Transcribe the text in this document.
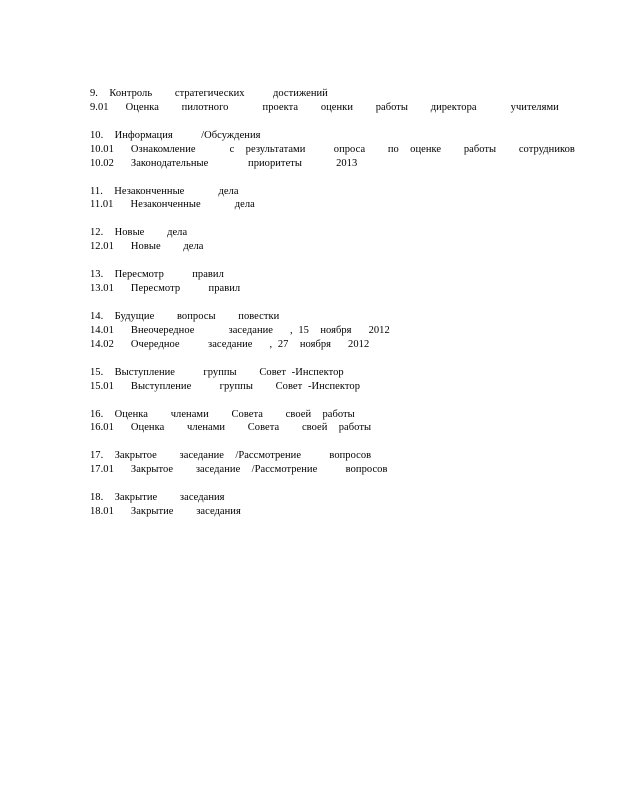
9.  Контроль    стратегических     достижений
9.01   Оценка    пилотного      проекта    оценки    работы    директора      учителями
10.  Информация     /Обсуждения
10.01   Ознакомление      с  результатами     опроса    по  оценке    работы    сотрудников
10.02   Законодательные       приоритеты      2013
11.  Незаконченные      дела
11.01   Незаконченные      дела
12.  Новые    дела
12.01   Новые    дела
13.  Пересмотр     правил
13.01   Пересмотр     правил
14.  Будущие    вопросы    повестки
14.01   Внеочередное      заседание   , 15  ноября   2012
14.02   Очередное     заседание   , 27  ноября   2012
15.  Выступление     группы    Совет -Инспектор
15.01   Выступление     группы    Совет -Инспектор
16.  Оценка    членами    Совета    своей  работы
16.01   Оценка    членами    Совета    своей  работы
17.  Закрытое    заседание  /Рассмотрение     вопросов
17.01   Закрытое    заседание  /Рассмотрение     вопросов
18.  Закрытие    заседания
18.01   Закрытие    заседания
